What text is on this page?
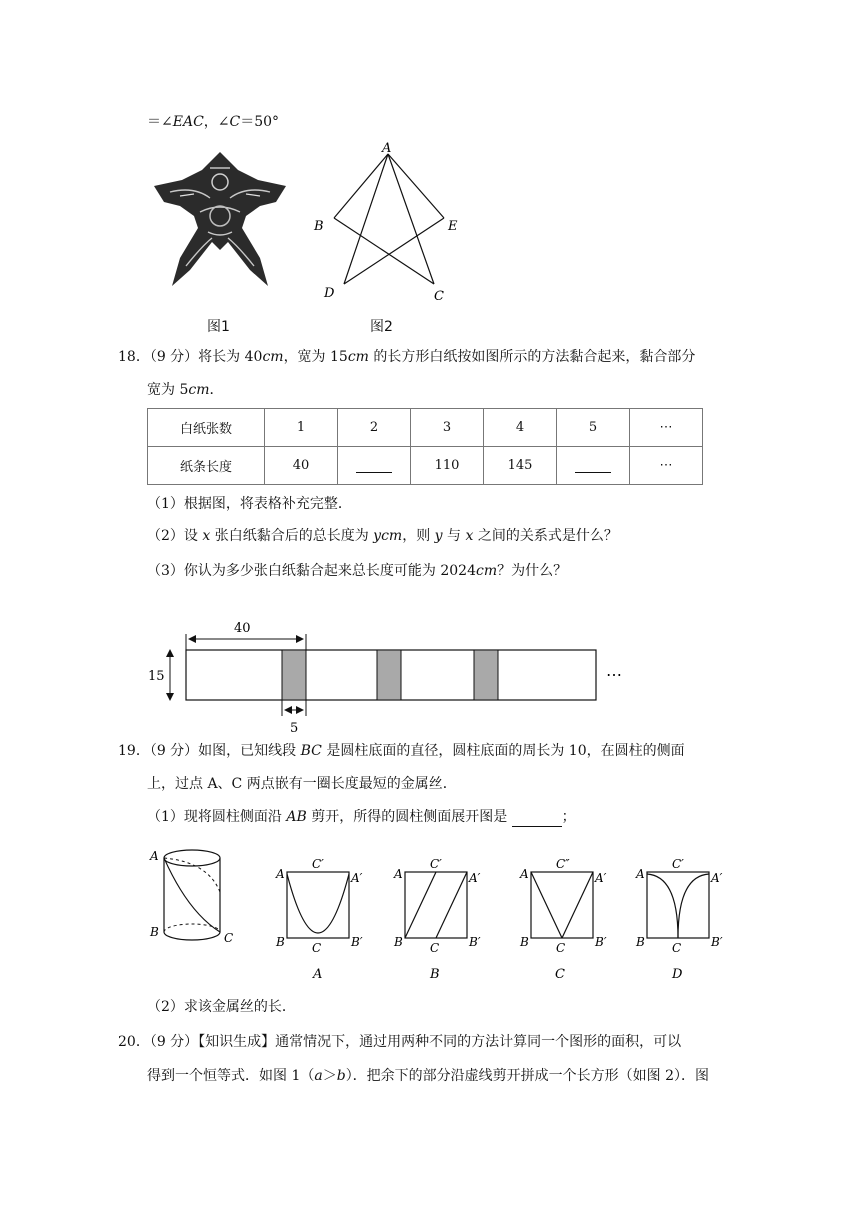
＝∠EAC，∠C＝50°
图1
A
B	E
D	C
图2
18．（9 分）将长为 40cm，宽为 15cm 的长方形白纸按如图所示的方法黏合起来，黏合部分
宽为 5cm．
白纸张数	1	2	3	4	5	⋯
纸条长度	40		110	145		⋯
（1）根据图，将表格补充完整．
（2）设 x 张白纸黏合后的总长度为 ycm，则 y 与 x 之间的关系式是什么？
（3）你认为多少张白纸黏合起来总长度可能为 2024cm？为什么？
40
15
5
⋯
19．（9 分）如图，已知线段 BC 是圆柱底面的直径，圆柱底面的周长为 10，在圆柱的侧面
上，过点 A、C 两点嵌有一圈长度最短的金属丝．
（1）现将圆柱侧面沿 AB 剪开，所得的圆柱侧面展开图是	；
A
B	C
A
C′
A′
B C B′
A
A
C′
A′
B C B′
B
A
C″
A′
B C B′
C
A
C′
A′
B C B′
D
（2）求该金属丝的长．
20．（9 分）【知识生成】通常情况下，通过用两种不同的方法计算同一个图形的面积，可以
得到一个恒等式．如图 1（a＞b）．把余下的部分沿虚线剪开拼成一个长方形（如图 2）．图
